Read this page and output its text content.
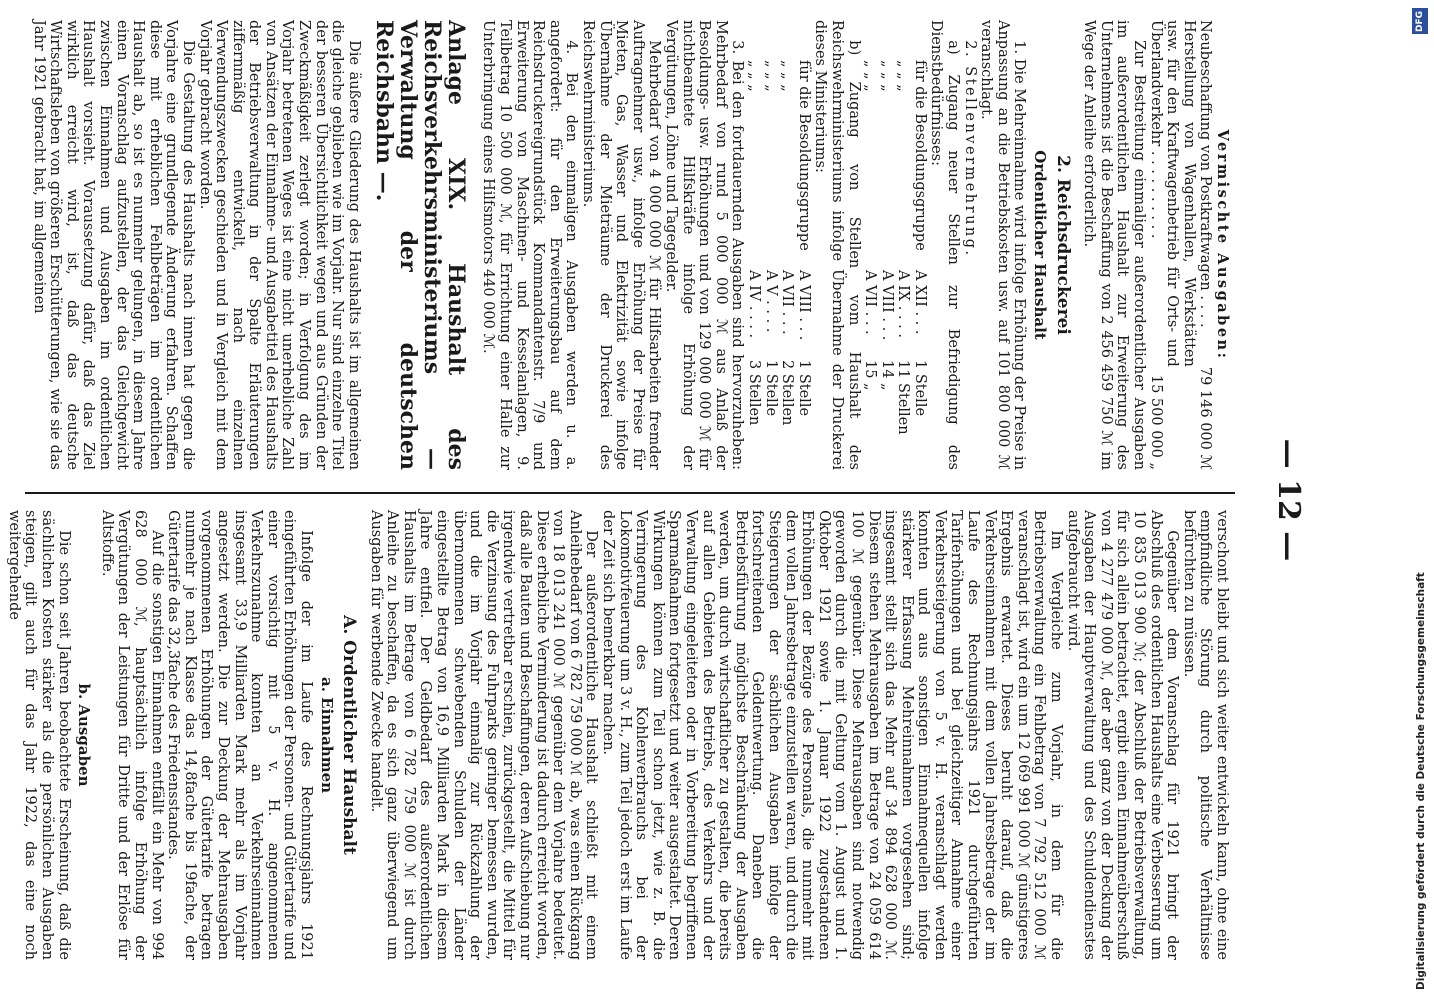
— 12 —

Vermischte Ausgaben:

Neubeschaffung von Postkraftwagen . . . .
79 146 000 ℳ
Herstellung von Wagenhallen, Werkstätten usw. für den Kraftwagenbetrieb für Orts- und Überlandverkehr . . . . . . . . . .
15 500 000 „

Zur Bestreitung einmaliger außerordentlicher Ausgaben im außerordentlichen Haushalt zur Erweiterung des Unternehmens ist die Beschaffung von 2 456 459 750 ℳ im Wege der Anleihe erforderlich.

2. Reichsdruckerei
Ordentlicher Haushalt

1. Die Mehreinnahme wird infolge Erhöhung der Preise in Anpassung an die Betriebskosten usw. auf 101 800 000 ℳ veranschlagt.

2. Stellenvermehrung.

a) Zugang neuer Stellen zur Befriedigung des Dienstbedürfnisses:

für die Besoldungsgruppe
A XII . . .
1 Stelle
„ „ „
A IX . . . .
11 Stellen
„ „ „
A VIII . . .
14 „
„ „ „
A VII . . .
15 „

b) Zugang von Stellen vom Haushalt des Reichswehrministeriums infolge Übernahme der Druckerei dieses Ministeriums:

für die Besoldungsgruppe
A VIII . . .
1 Stelle
„ „ „
A VII . . .
2 Stellen
„ „ „
A V . . . .
1 Stelle
„ „ „
A IV . . . .
3 Stellen

3. Bei den fortdauernden Ausgaben sind hervorzuheben: Mehrbedarf von rund 5 000 000 ℳ aus Anlaß der Besoldungs- usw. Erhöhungen und von 129 000 000 ℳ für nichtbeamtete Hilfskräfte infolge Erhöhung der Vergütungen, Löhne und Tagegelder.

Mehrbedarf von 4 000 000 ℳ für Hilfsarbeiten fremder Auftragnehmer usw., infolge Erhöhung der Preise für Mieten, Gas, Wasser und Elektrizität sowie infolge Übernahme der Mieträume der Druckerei des Reichswehrministeriums.

4. Bei den einmaligen Ausgaben werden u. a. angefordert: für den Erweiterungsbau auf dem Reichsdruckereigrundstück Kommandantenstr. 7/9 und Erweiterung von Maschinen- und Kesselanlagen, 9. Teilbetrag 10 500 000 ℳ, für Errichtung einer Halle zur Unterbringung eines Hilfsmotors 440 000 ℳ.

Anlage XIX. Haushalt des Reichsverkehrsministeriums — Verwaltung der deutschen Reichsbahn —.

Die äußere Gliederung des Haushalts ist im allgemeinen die gleiche geblieben wie im Vorjahr. Nur sind einzelne Titel der besseren Übersichtlichkeit wegen und aus Gründen der Zweckmäßigkeit zerlegt worden; in Verfolgung des im Vorjahr betretenen Weges ist eine nicht unerhebliche Zahl von Ansätzen der Einnahme- und Ausgabetitel des Haushalts der Betriebsverwaltung in der Spalte Erläuterungen ziffernmäßig entwickelt, nach einzelnen Verwendungszwecken geschieden und in Vergleich mit dem Vorjahr gebracht worden.

Die Gestaltung des Haushalts nach innen hat gegen die Vorjahre eine grundlegende Änderung erfahren. Schaffen diese mit erheblichen Fehlbeträgen im ordentlichen Haushalt ab, so ist es nunmehr gelungen, in diesem Jahre einen Voranschlag aufzustellen, der das Gleichgewicht zwischen Einnahmen und Ausgaben im ordentlichen Haushalt vorsieht. Voraussetzung dafür, daß das Ziel wirklich erreicht wird, ist, daß das deutsche Wirtschaftsleben von größeren Erschütterungen, wie sie das Jahr 1921 gebracht hat, im allgemeinen

verschont bleibt und sich weiter entwickeln kann, ohne eine empfindliche Störung durch politische Verhältnisse befürchten zu müssen.

Gegenüber dem Voranschlag für 1921 bringt der Abschluß des ordentlichen Haushalts eine Verbesserung um 10 835 013 900 ℳ; der Abschluß der Betriebsverwaltung, für sich allein betrachtet, ergibt einen Einnahmeüberschuß von 4 277 479 000 ℳ, der aber ganz von der Deckung der Ausgaben der Hauptverwaltung und des Schuldendienstes aufgebraucht wird.

Im Vergleiche zum Vorjahr, in dem für die Betriebsverwaltung ein Fehlbetrag von 7 792 512 000 ℳ veranschlagt ist, wird ein um 12 069 991 000 ℳ günstigeres Ergebnis erwartet. Dieses beruht darauf, daß die Verkehrseinnahmen mit dem vollen Jahresbetrage der im Laufe des Rechnungsjahrs 1921 durchgeführten Tariferhöhungen und bei gleichzeitiger Annahme einer Verkehrssteigerung von 5 v. H. veranschlagt werden konnten und aus sonstigen Einnahmequellen infolge stärkerer Erfassung Mehreinnahmen vorgesehen sind; insgesamt stellt sich das Mehr auf 34 894 628 000 ℳ. Diesem stehen Mehrausgaben im Betrage von 24 059 614 100 ℳ gegenüber. Diese Mehrausgaben sind notwendig geworden durch die mit Geltung vom 1. August und 1. Oktober 1921 sowie 1. Januar 1922 zugestandenen Erhöhungen der Bezüge des Personals, die nunmehr mit dem vollen Jahresbetrage einzustellen waren, und durch die Steigerungen der sächlichen Ausgaben infolge der fortschreitenden Geldentwertung. Daneben die Betriebsführung möglichste Beschränkung der Ausgaben werden, um durch wirtschaftlicher zu gestalten, die bereits auf allen Gebieten des Betriebs, des Verkehrs und der Verwaltung eingeleiteten oder in Vorbereitung begriffenen Sparmaßnahmen fortgesetzt und weiter ausgestaltet. Deren Wirkungen können zum Teil schon jetzt, wie z. B. die Verringerung des Kohlenverbrauchs bei der Lokomotivfeuerung um 3 v. H., zum Teil jedoch erst im Laufe der Zeit sich bemerkbar machen.

Der außerordentliche Haushalt schließt mit einem Anleihebedarf von 6 782 759 000 ℳ ab, was einen Rückgang von 18 013 241 000 ℳ gegenüber dem Vorjahre bedeutet. Diese erhebliche Verminderung ist dadurch erreicht worden, daß alle Bauten und Beschaffungen, deren Aufschiebung nur irgendwie vertretbar erschien, zurückgestellt, die Mittel für die Verzinsung des Fuhrparks geringer bemessen wurden, und die im Vorjahr einmalig zur Rückzahlung der übernommenen schwebenden Schulden der Länder eingestellte Betrag von 16,9 Milliarden Mark in diesem Jahre entfiel. Der Geldbedarf des außerordentlichen Haushalts im Betrage von 6 782 759 000 ℳ ist durch Anleihe zu beschaffen, da es sich ganz überwiegend um Ausgaben für werbende Zwecke handelt.

A. Ordentlicher Haushalt
a. Einnahmen

Infolge der im Laufe des Rechnungsjahrs 1921 eingeführten Erhöhungen der Personen- und Gütertarife und einer vorsichtig mit 5 v. H. angenommenen Verkehrszunahme konnten an Verkehrseinnahmen insgesamt 33,9 Milliarden Mark mehr als im Vorjahr angesetzt werden. Die zur Deckung der Mehrausgaben vorgenommenen Erhöhungen der Gütertarife betragen nunmehr je nach Klasse das 14,8fache bis 19fache, der Gütertarife das 32,3fache des Friedensstandes.

Auf die sonstigen Einnahmen entfällt ein Mehr von 994 628 000 ℳ, hauptsächlich infolge Erhöhung der Vergütungen der Leistungen für Dritte und der Erlöse für Altstoffe.

b. Ausgaben

Die schon seit Jahren beobachtete Erscheinung, daß die sächlichen Kosten stärker als die persönlichen Ausgaben steigen, gilt auch für das Jahr 1922, das eine noch weitergehende

DFG
Digitalisierung gefördert durch die Deutsche Forschungsgemeinschaft
